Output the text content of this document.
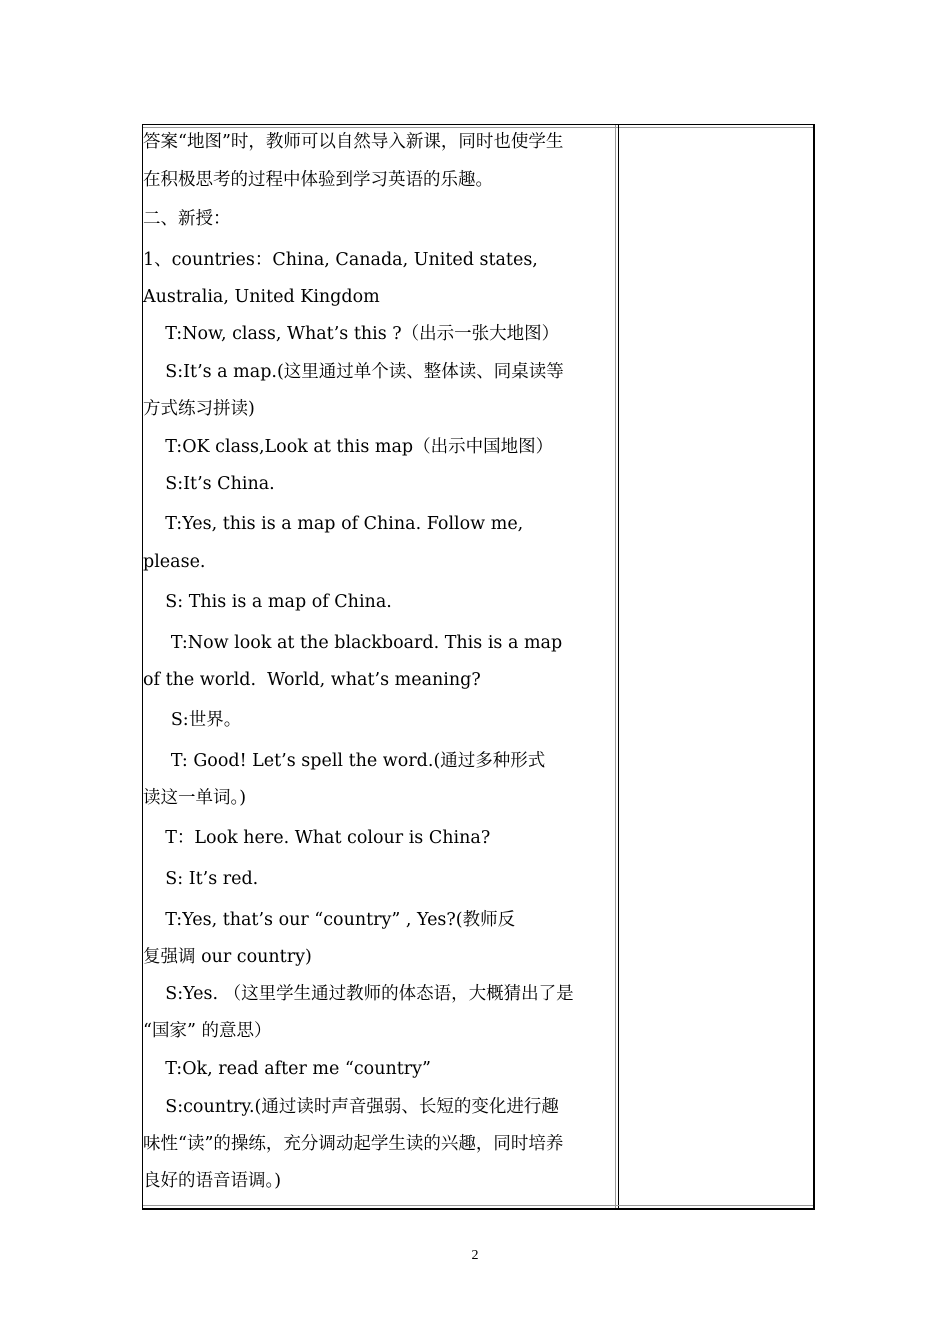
答案“地图”时，教师可以自然导入新课，同时也使学生
在积极思考的过程中体验到学习英语的乐趣。
二、新授：
1、countries：China, Canada, United states,
Australia, United Kingdom
T:Now, class, What’s this ?（出示一张大地图）
S:It’s a map.(这里通过单个读、整体读、同桌读等
方式练习拼读)
T:OK class,Look at this map（出示中国地图）
S:It’s China.
T:Yes, this is a map of China. Follow me,
please.
S: This is a map of China.
T:Now look at the blackboard. This is a map
of the world.  World, what’s meaning?
S:世界。
T: Good! Let’s spell the word.(通过多种形式
读这一单词。)
T：Look here. What colour is China?
S: It’s red.
T:Yes, that’s our “country” , Yes?(教师反
复强调 our country)
S:Yes. （这里学生通过教师的体态语，大概猜出了是
“国家” 的意思）
T:Ok, read after me “country”
S:country.(通过读时声音强弱、长短的变化进行趣
味性“读”的操练，充分调动起学生读的兴趣，同时培养
良好的语音语调。)
2
